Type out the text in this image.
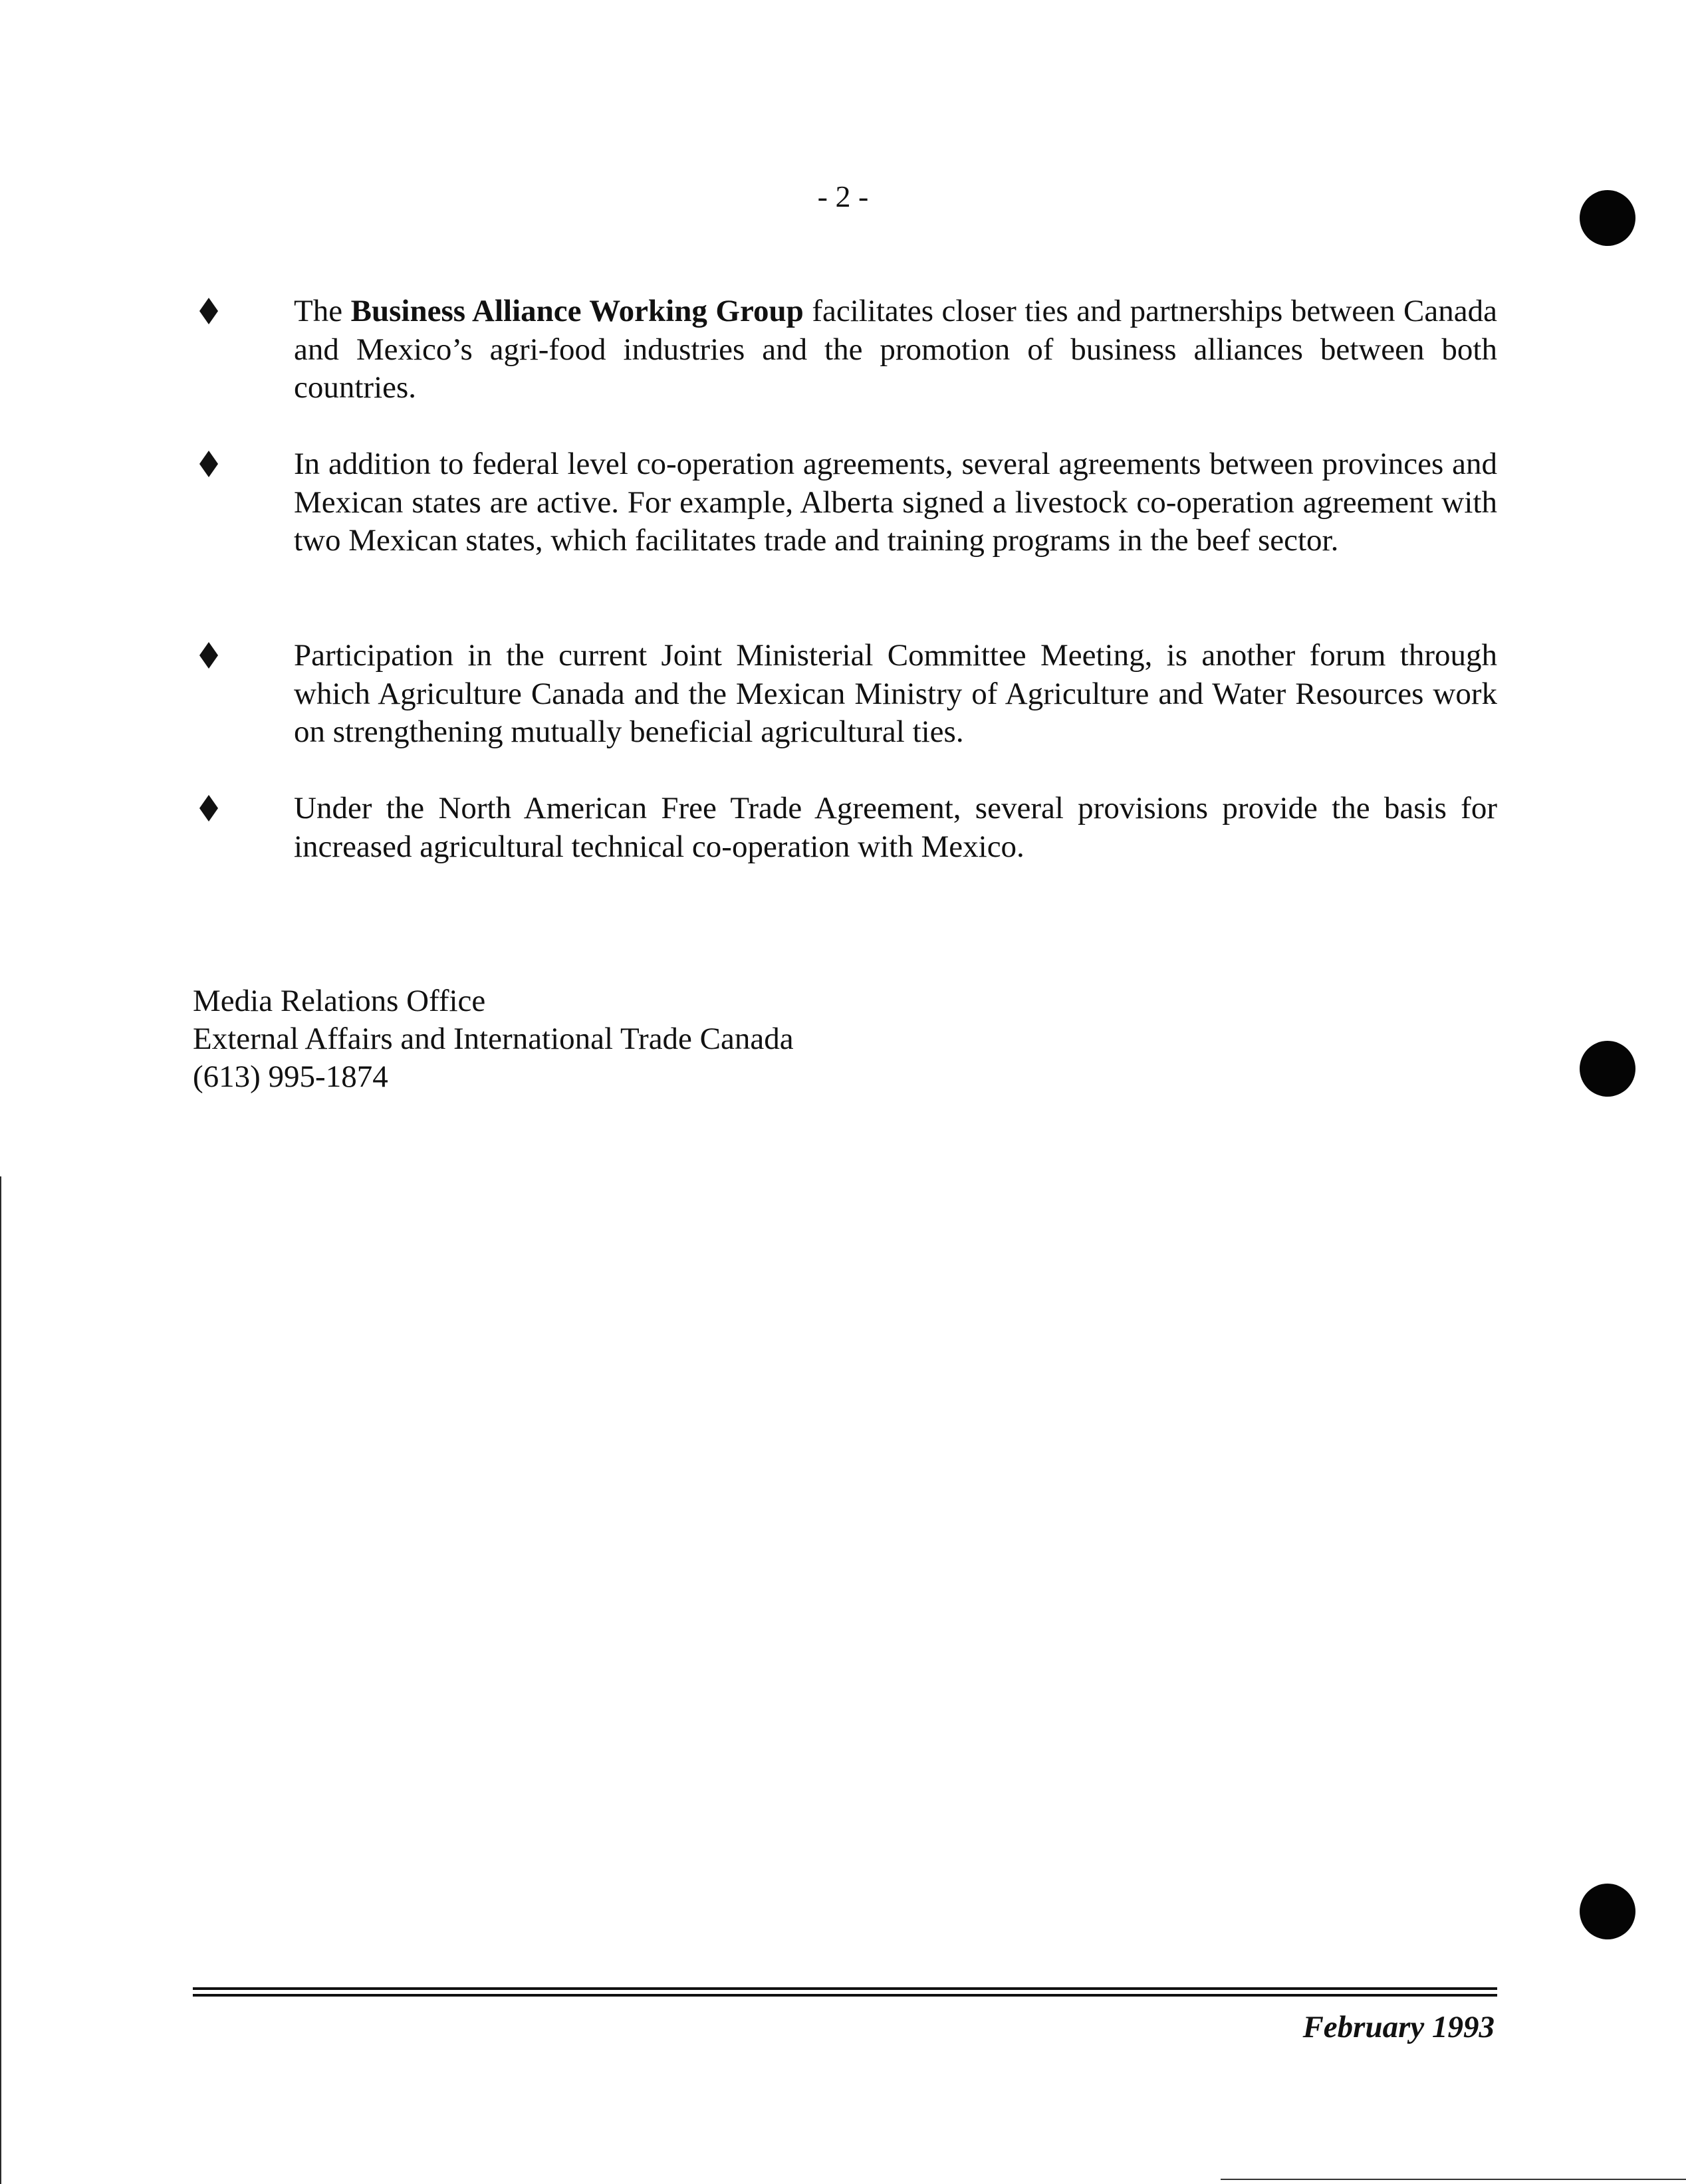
- 2 -
The Business Alliance Working Group facilitates closer ties and partnerships between Canada and Mexico’s agri-food industries and the promotion of business alliances between both countries.
In addition to federal level co-operation agreements, several agreements between provinces and Mexican states are active. For example, Alberta signed a livestock co-operation agreement with two Mexican states, which facilitates trade and training programs in the beef sector.
Participation in the current Joint Ministerial Committee Meeting, is another forum through which Agriculture Canada and the Mexican Ministry of Agriculture and Water Resources work on strengthening mutually beneficial agricultural ties.
Under the North American Free Trade Agreement, several provisions provide the basis for increased agricultural technical co-operation with Mexico.
Media Relations Office
External Affairs and International Trade Canada
(613) 995-1874
February 1993
